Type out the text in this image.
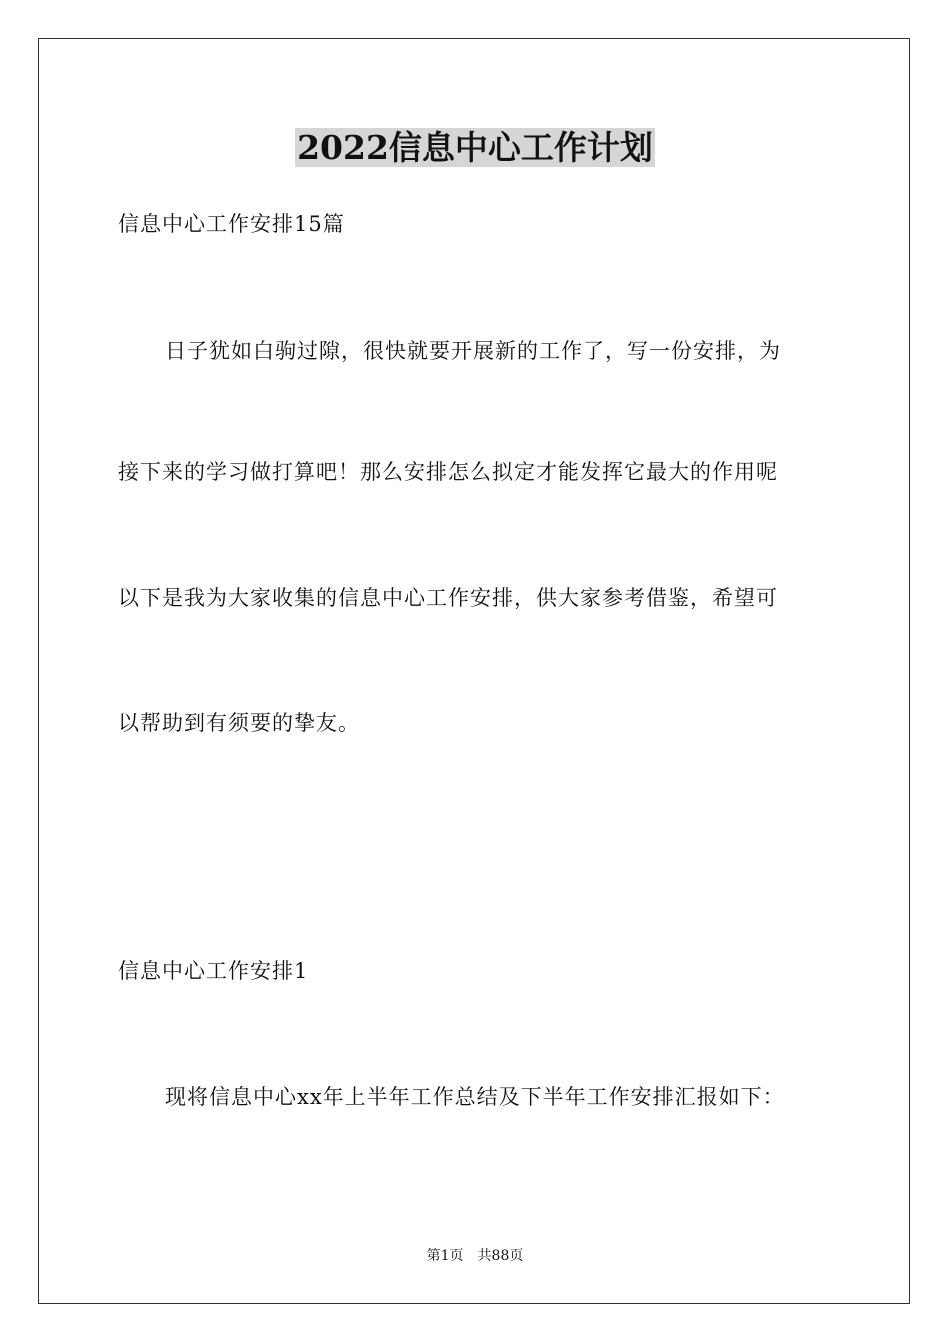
2022信息中心工作计划
信息中心工作安排15篇
日子犹如白驹过隙，很快就要开展新的工作了，写一份安排，为
接下来的学习做打算吧！那么安排怎么拟定才能发挥它最大的作用呢
以下是我为大家收集的信息中心工作安排，供大家参考借鉴，希望可
以帮助到有须要的挚友。
信息中心工作安排1
现将信息中心xx年上半年工作总结及下半年工作安排汇报如下：
第1页 共88页
